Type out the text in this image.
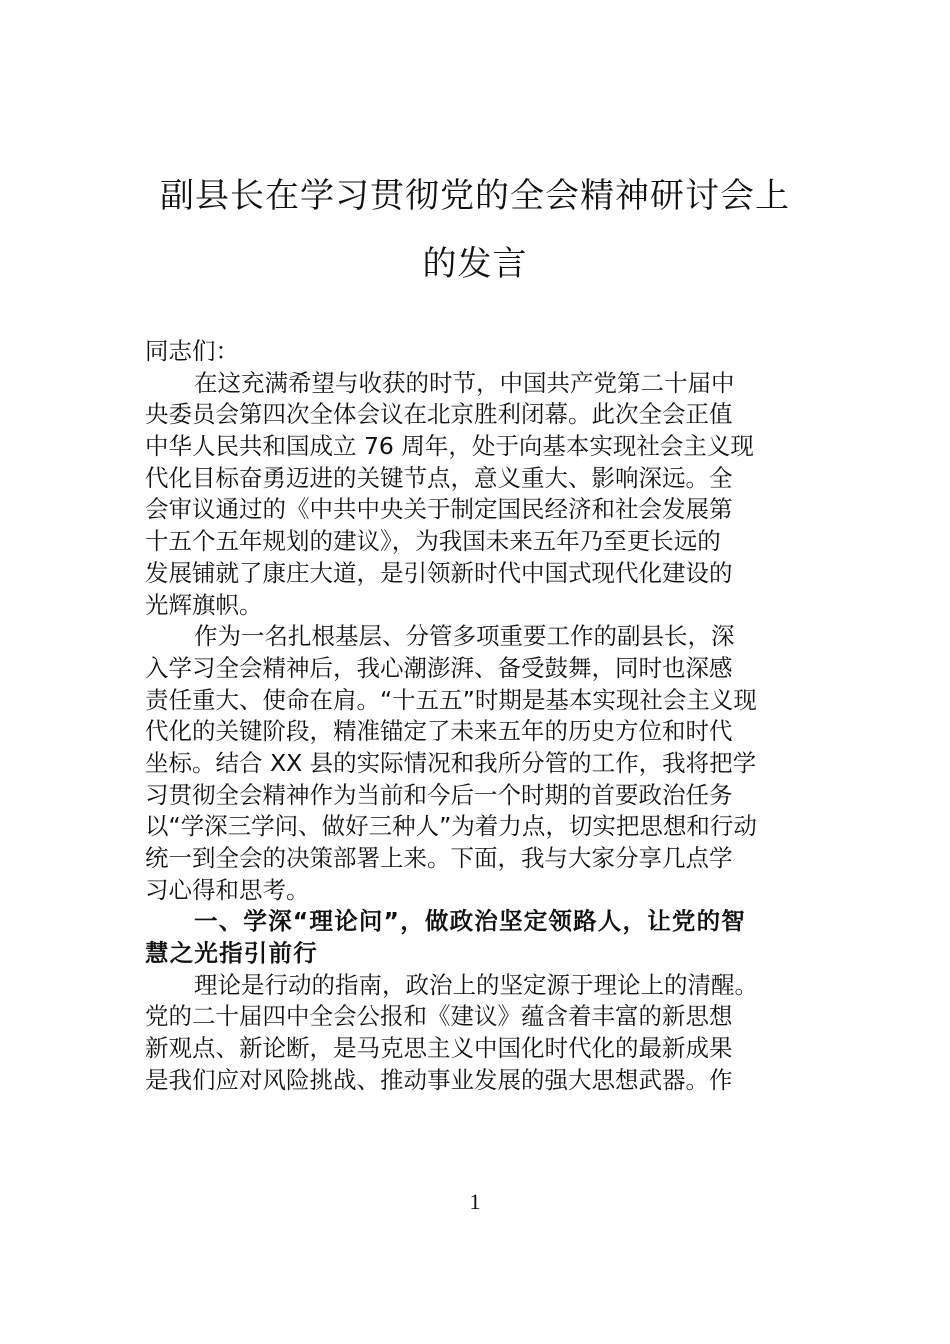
副县长在学习贯彻党的全会精神研讨会上
的发言
同志们：
在这充满希望与收获的时节，中国共产党第二十届中
央委员会第四次全体会议在北京胜利闭幕。此次全会正值
中华人民共和国成立 76 周年，处于向基本实现社会主义现
代化目标奋勇迈进的关键节点，意义重大、影响深远。全
会审议通过的《中共中央关于制定国民经济和社会发展第
十五个五年规划的建议》，为我国未来五年乃至更长远的
发展铺就了康庄大道，是引领新时代中国式现代化建设的
光辉旗帜。
作为一名扎根基层、分管多项重要工作的副县长，深
入学习全会精神后，我心潮澎湃、备受鼓舞，同时也深感
责任重大、使命在肩。“十五五”时期是基本实现社会主义现
代化的关键阶段，精准锚定了未来五年的历史方位和时代
坐标。结合 XX 县的实际情况和我所分管的工作，我将把学
习贯彻全会精神作为当前和今后一个时期的首要政治任务
以“学深三学问、做好三种人”为着力点，切实把思想和行动
统一到全会的决策部署上来。下面，我与大家分享几点学
习心得和思考。
一、学深“理论问”，做政治坚定领路人，让党的智
慧之光指引前行
理论是行动的指南，政治上的坚定源于理论上的清醒。
党的二十届四中全会公报和《建议》蕴含着丰富的新思想
新观点、新论断，是马克思主义中国化时代化的最新成果
是我们应对风险挑战、推动事业发展的强大思想武器。作
1
